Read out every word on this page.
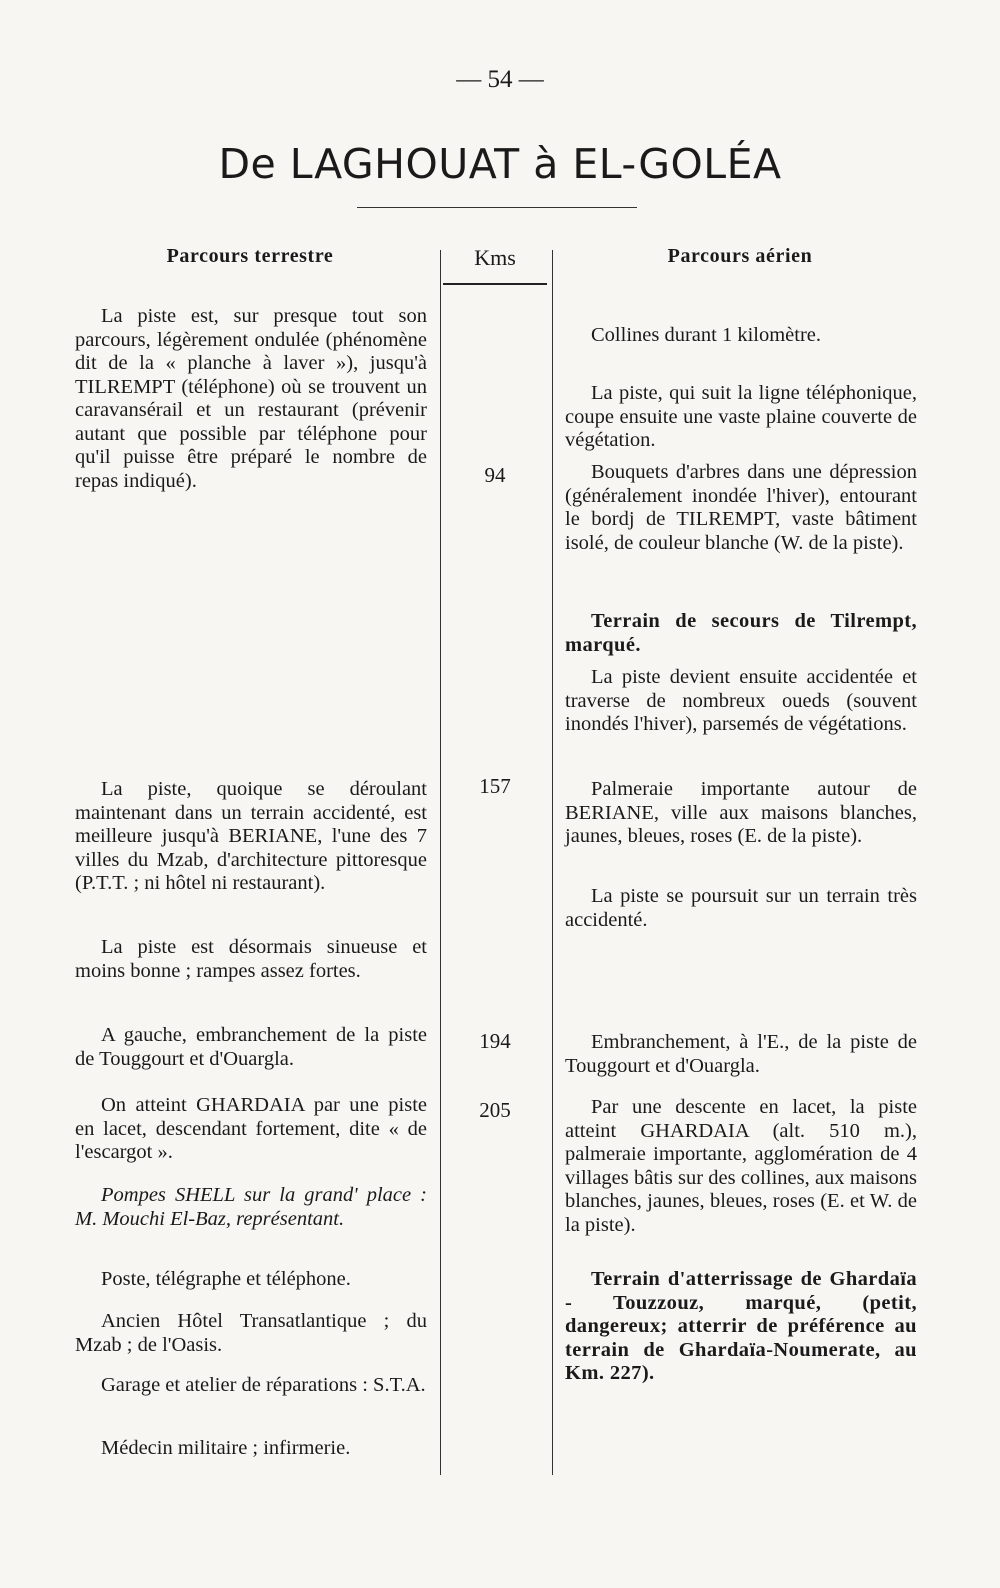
— 54 —
De LAGHOUAT à EL-GOLÉA
Parcours terrestre	Kms	Parcours aérien

La piste est, sur presque tout son parcours, légèrement ondulée (phénomène dit de la « planche à laver »), jusqu'à TILREMPT (téléphone) où se trouvent un caravansérail et un restaurant (prévenir autant que possible par téléphone pour qu'il puisse être préparé le nombre de repas indiqué).

La piste, quoique se déroulant maintenant dans un terrain accidenté, est meilleure jusqu'à BERIANE, l'une des 7 villes du Mzab, d'architecture pittoresque (P.T.T. ; ni hôtel ni restaurant).

La piste est désormais sinueuse et moins bonne ; rampes assez fortes.

A gauche, embranchement de la piste de Touggourt et d'Ouargla.

On atteint GHARDAIA par une piste en lacet, descendant fortement, dite « de l'escargot ».

Pompes SHELL sur la grand' place : M. Mouchi El-Baz, représentant.

Poste, télégraphe et téléphone.

Ancien Hôtel Transatlantique ; du Mzab ; de l'Oasis.

Garage et atelier de réparations : S.T.A.

Médecin militaire ; infirmerie.

94
157
194
205

Collines durant 1 kilomètre.

La piste, qui suit la ligne téléphonique, coupe ensuite une vaste plaine couverte de végétation.

Bouquets d'arbres dans une dépression (généralement inondée l'hiver), entourant le bordj de TILREMPT, vaste bâtiment isolé, de couleur blanche (W. de la piste).

Terrain de secours de Tilrempt, marqué.

La piste devient ensuite accidentée et traverse de nombreux oueds (souvent inondés l'hiver), parsemés de végétations.

Palmeraie importante autour de BERIANE, ville aux maisons blanches, jaunes, bleues, roses (E. de la piste).

La piste se poursuit sur un terrain très accidenté.

Embranchement, à l'E., de la piste de Touggourt et d'Ouargla.

Par une descente en lacet, la piste atteint GHARDAIA (alt. 510 m.), palmeraie importante, agglomération de 4 villages bâtis sur des collines, aux maisons blanches, jaunes, bleues, roses (E. et W. de la piste).

Terrain d'atterrissage de Ghardaïa - Touzzouz, marqué, (petit, dangereux; atterrir de préférence au terrain de Ghardaïa-Noumerate, au Km. 227).
